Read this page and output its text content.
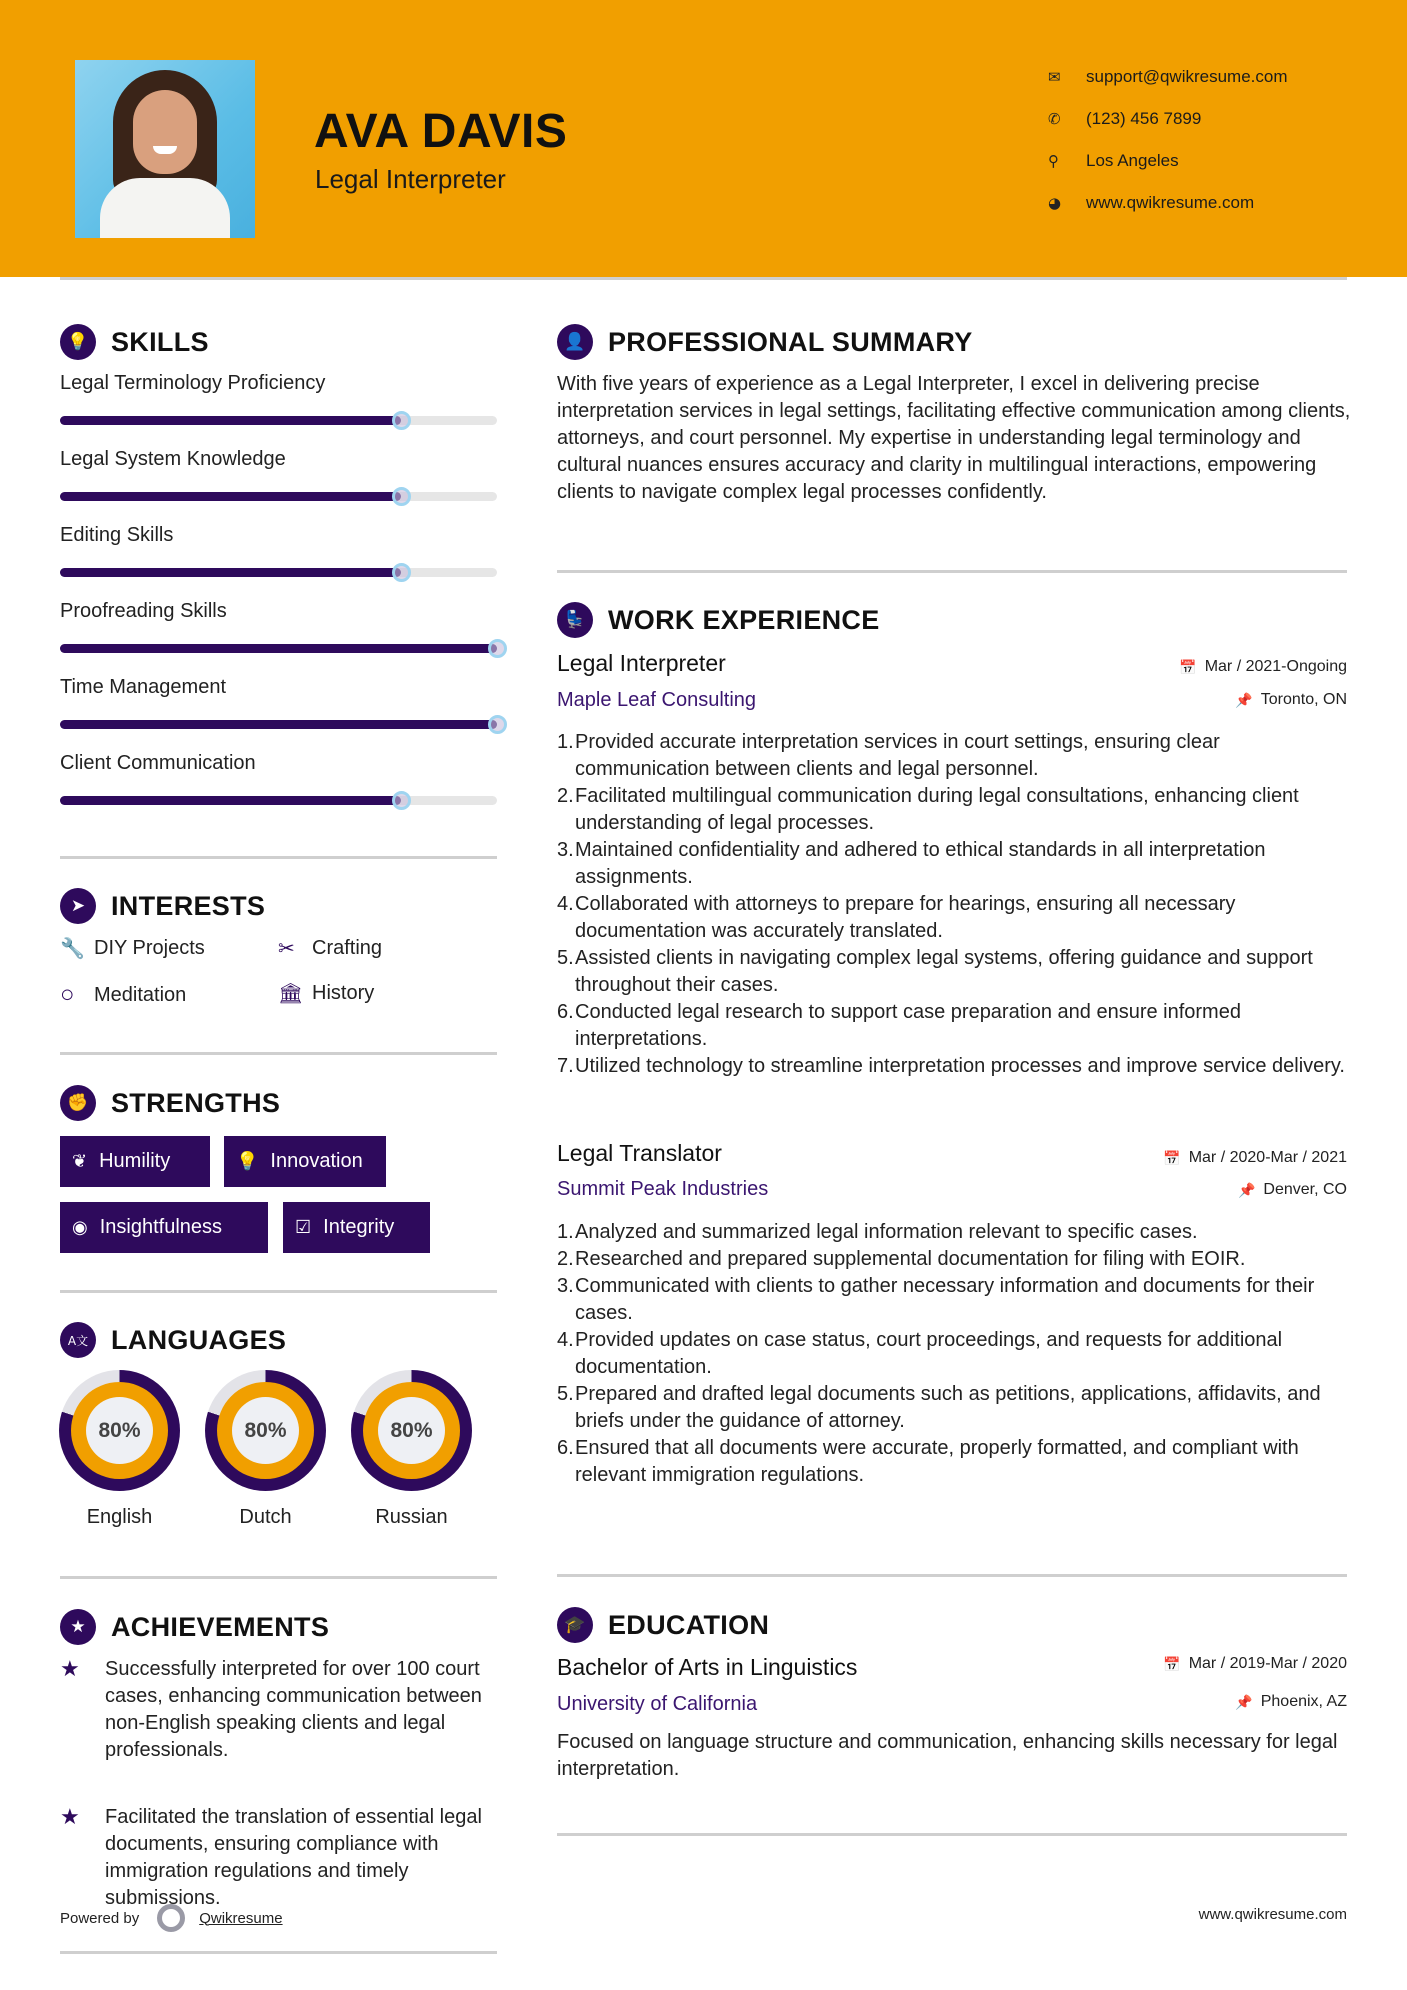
AVA DAVIS
Legal Interpreter
✉	support@qwikresume.com
✆	(123) 456 7899
⚲	Los Angeles
◕	www.qwikresume.com
💡 SKILLS
Legal Terminology Proficiency
Legal System Knowledge
Editing Skills
Proofreading Skills
Time Management
Client Communication
➤ INTERESTS
🔧 DIY Projects	✂ Crafting
○ Meditation	🏛 History
✊ STRENGTHS
❦ Humility	💡 Innovation
◉ Insightfulness	☑ Integrity
A文 LANGUAGES
80%
English
80%
Dutch
80%
Russian
★ ACHIEVEMENTS
★	Successfully interpreted for over 100 court cases, enhancing communication between non-English speaking clients and legal professionals.
★	Facilitated the translation of essential legal documents, ensuring compliance with immigration regulations and timely submissions.
Powered by	Qwikresume
👤 PROFESSIONAL SUMMARY
With five years of experience as a Legal Interpreter, I excel in delivering precise interpretation services in legal settings, facilitating effective communication among clients, attorneys, and court personnel. My expertise in understanding legal terminology and cultural nuances ensures accuracy and clarity in multilingual interactions, empowering clients to navigate complex legal processes confidently.
💺 WORK EXPERIENCE
Legal Interpreter	📅 Mar / 2021-Ongoing
Maple Leaf Consulting	📌 Toronto, ON
1. Provided accurate interpretation services in court settings, ensuring clear communication between clients and legal personnel.
2. Facilitated multilingual communication during legal consultations, enhancing client understanding of legal processes.
3. Maintained confidentiality and adhered to ethical standards in all interpretation assignments.
4. Collaborated with attorneys to prepare for hearings, ensuring all necessary documentation was accurately translated.
5. Assisted clients in navigating complex legal systems, offering guidance and support throughout their cases.
6. Conducted legal research to support case preparation and ensure informed interpretations.
7. Utilized technology to streamline interpretation processes and improve service delivery.
Legal Translator	📅 Mar / 2020-Mar / 2021
Summit Peak Industries	📌 Denver, CO
1. Analyzed and summarized legal information relevant to specific cases.
2. Researched and prepared supplemental documentation for filing with EOIR.
3. Communicated with clients to gather necessary information and documents for their cases.
4. Provided updates on case status, court proceedings, and requests for additional documentation.
5. Prepared and drafted legal documents such as petitions, applications, affidavits, and briefs under the guidance of attorney.
6. Ensured that all documents were accurate, properly formatted, and compliant with relevant immigration regulations.
🎓 EDUCATION
Bachelor of Arts in Linguistics	📅 Mar / 2019-Mar / 2020
University of California	📌 Phoenix, AZ
Focused on language structure and communication, enhancing skills necessary for legal interpretation.
www.qwikresume.com
